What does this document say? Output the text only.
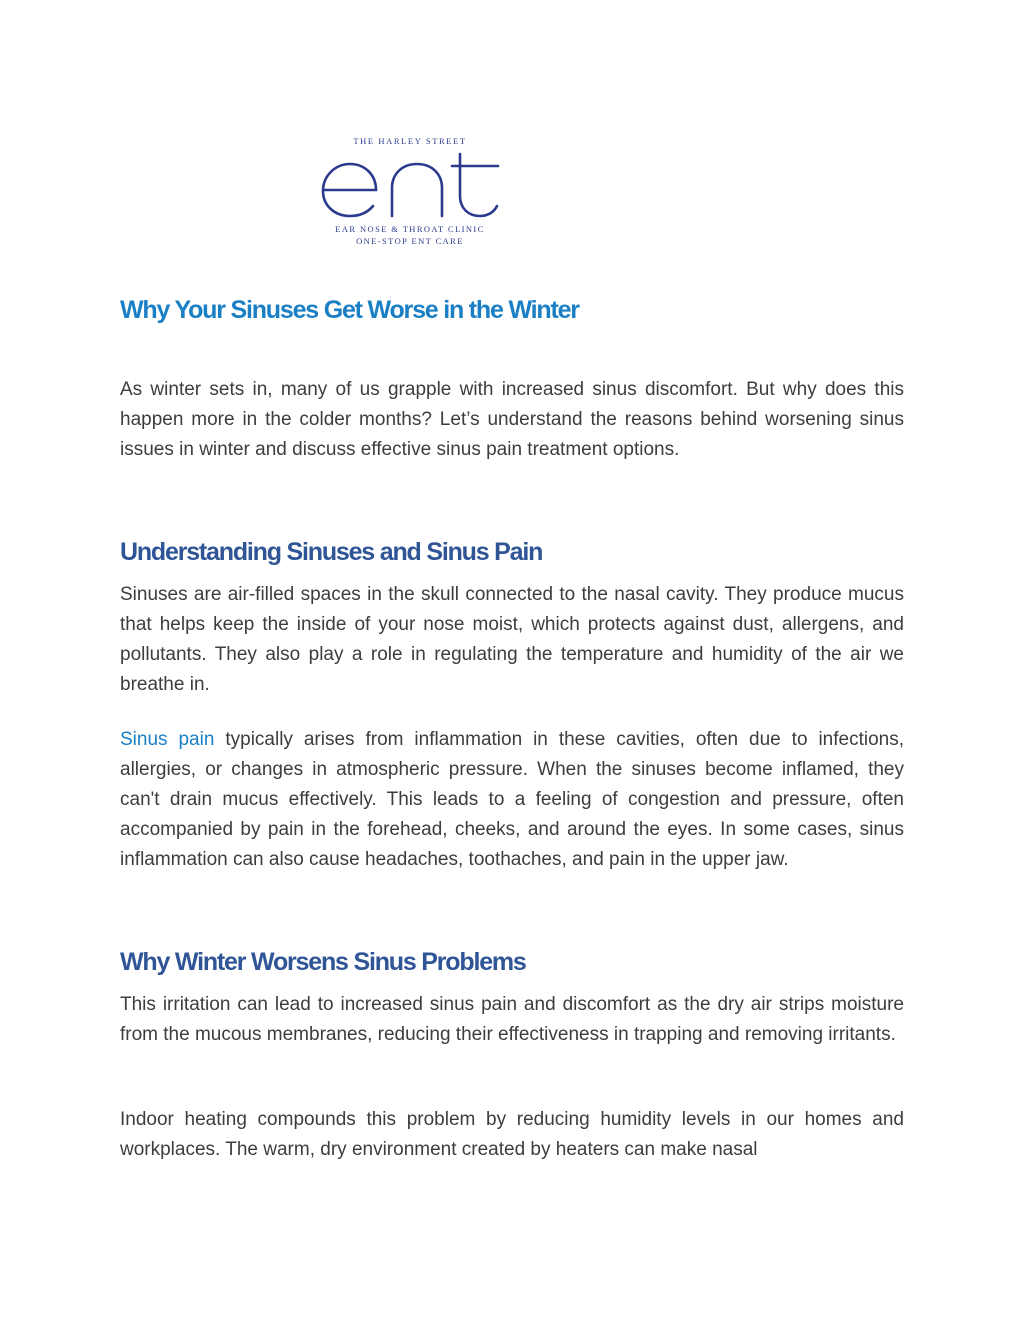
THE HARLEY STREET
EAR NOSE & THROAT CLINIC
ONE-STOP ENT CARE
Why Your Sinuses Get Worse in the Winter

As winter sets in, many of us grapple with increased sinus discomfort. But why does this happen more in the colder months? Let’s understand the reasons behind worsening sinus issues in winter and discuss effective sinus pain treatment options.

Understanding Sinuses and Sinus Pain

Sinuses are air-filled spaces in the skull connected to the nasal cavity. They produce mucus that helps keep the inside of your nose moist, which protects against dust, allergens, and pollutants. They also play a role in regulating the temperature and humidity of the air we breathe in.

Sinus pain typically arises from inflammation in these cavities, often due to infections, allergies, or changes in atmospheric pressure. When the sinuses become inflamed, they can't drain mucus effectively. This leads to a feeling of congestion and pressure, often accompanied by pain in the forehead, cheeks, and around the eyes. In some cases, sinus inflammation can also cause headaches, toothaches, and pain in the upper jaw.

Why Winter Worsens Sinus Problems

This irritation can lead to increased sinus pain and discomfort as the dry air strips moisture from the mucous membranes, reducing their effectiveness in trapping and removing irritants.

Indoor heating compounds this problem by reducing humidity levels in our homes and workplaces. The warm, dry environment created by heaters can make nasal
